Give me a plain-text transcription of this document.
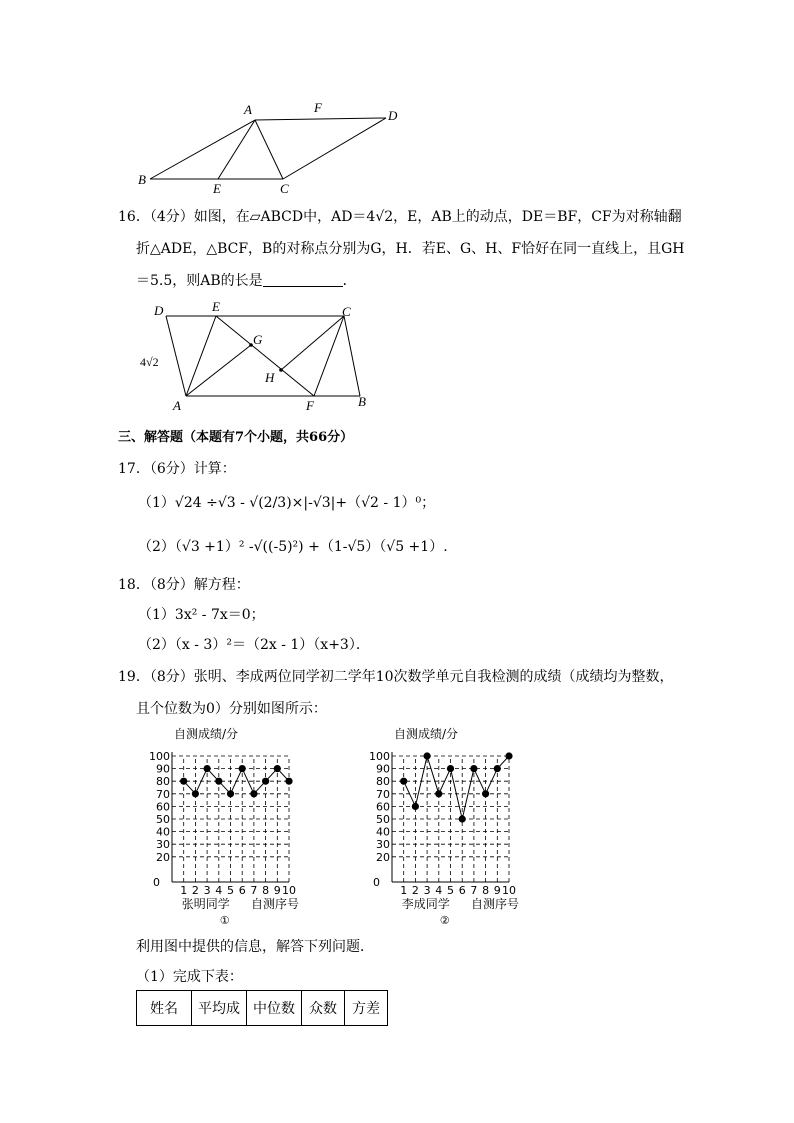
A	F
D
B
E	C
16．（4分）如图，在▱ABCD中，AD＝4√2，E，AB上的动点，DE＝BF，CF为对称轴翻
折△ADE，△BCF，B的对称点分别为G，H．若E、G、H、F恰好在同一直线上，且GH
＝5.5，则AB的长是	．
D	E	C
G
H
A	F	B
4√2
三、解答题（本题有7个小题，共66分）
17．（6分）计算：
（1）√24 ÷√3 - √(2/3)×|-√3|+（√2 - 1）⁰；
（2）（√3 +1）² -√((-5)²) +（1-√5）（√5 +1）.
18．（8分）解方程：
（1）3x² - 7x＝0；
（2）（x - 3）²＝（2x - 1）（x+3）．
19．（8分）张明、李成两位同学初二学年10次数学单元自我检测的成绩（成绩均为整数，
且个位数为0）分别如图所示：
20
30
40
50
60
70
80
90
100
0
1 2 3 4 5 6 7 8 9 10
自测成绩/分
张明同学 自测序号
①
20
30
40
50
60
70
80
90
100
0
1 2 3 4 5 6 7 8 9 10
自测成绩/分
李成同学 自测序号
②
利用图中提供的信息，解答下列问题．
（1）完成下表：
姓名	平均成	中位数	众数	方差
